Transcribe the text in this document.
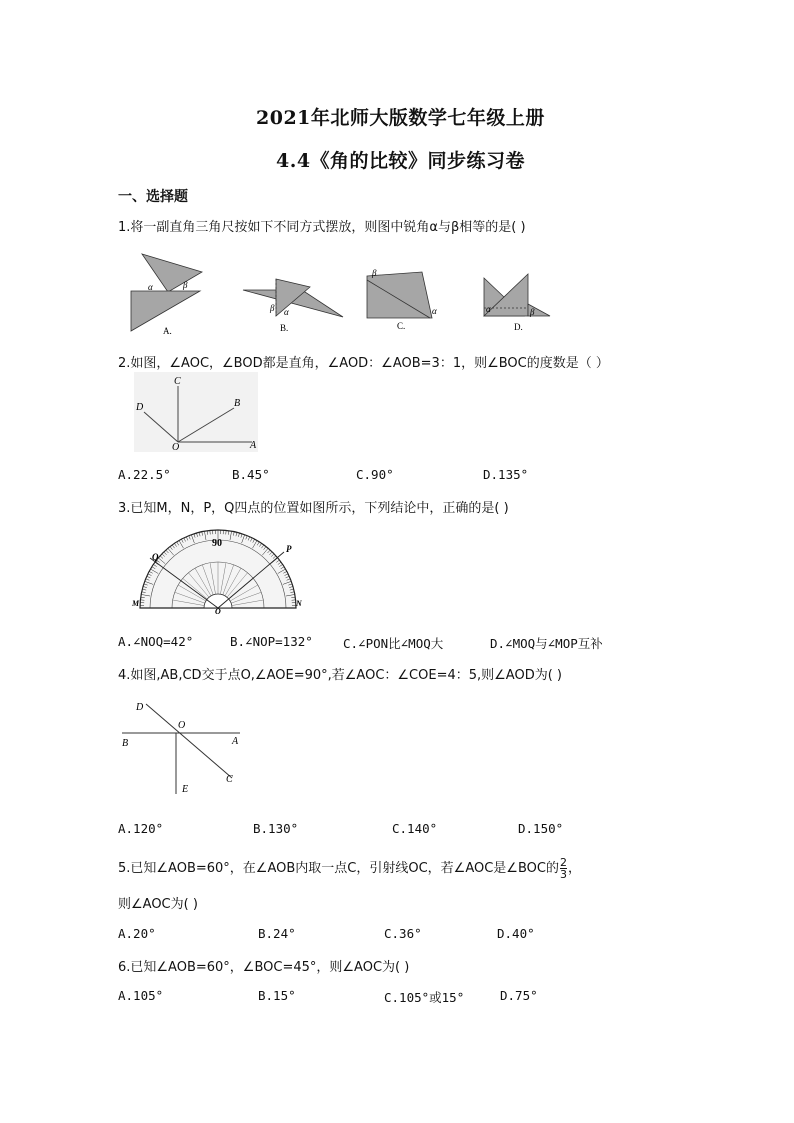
2021年北师大版数学七年级上册
4.4《角的比较》同步练习卷
一、选择题
1.将一副直角三角尺按如下不同方式摆放，则图中锐角α与β相等的是( )
α	β
A.
β α
B.
β
α
C.
α	β
D.
2.如图，∠AOC，∠BOD都是直角，∠AOD：∠AOB=3：1，则∠BOC的度数是（ ）
C
D	B
O	A
A.22.5°	B.45°	C.90°	D.135°
3.已知M，N，P，Q四点的位置如图所示，下列结论中，正确的是( )
Q
P
M	N
O
90
A.∠NOQ=42°	B.∠NOP=132° C.∠PON比∠MOQ大	D.∠MOQ与∠MOP互补
4.如图,AB,CD交于点O,∠AOE=90°,若∠AOC：∠COE=4：5,则∠AOD为( )
D
O
B	A
C
E
A.120°	B.130°	C.140°	D.150°
5.已知∠AOB=60°，在∠AOB内取一点C，引射线OC，若∠AOC是∠BOC的 $\frac{2}{3}$ ，
则∠AOC为( )
A.20°	B.24°	C.36°	D.40°
6.已知∠AOB=60°，∠BOC=45°，则∠AOC为( )
A.105°	B.15°	C.105°或15°	D.75°
